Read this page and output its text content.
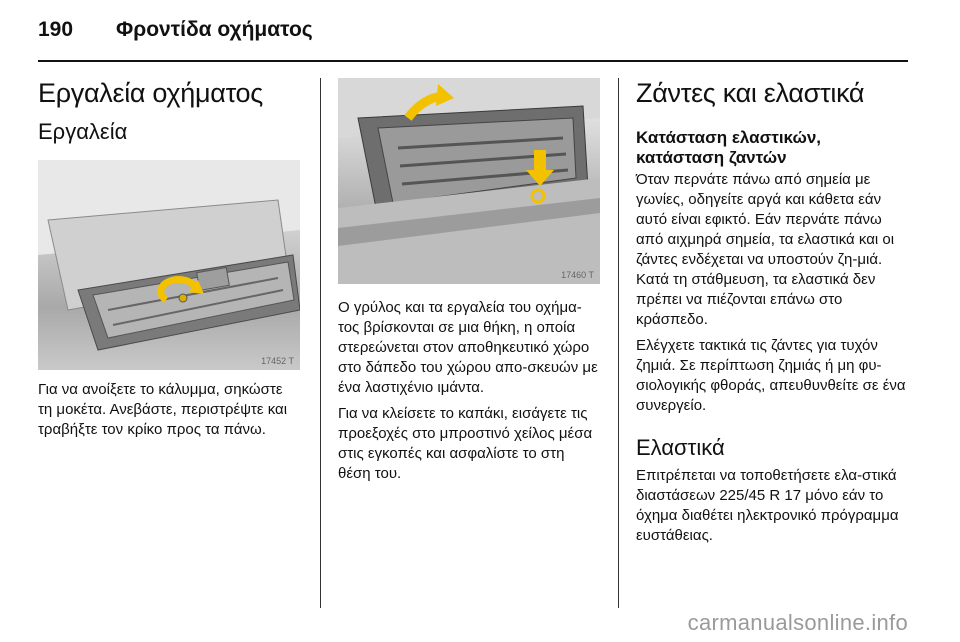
190 Φροντίδα οχήματος
Εργαλεία οχήματος
Εργαλεία
17452 T

Για να ανοίξετε το κάλυμμα, σηκώστε τη μοκέτα. Ανεβάστε, περιστρέψτε και τραβήξτε τον κρίκο προς τα πάνω.

17460 T

Ο γρύλος και τα εργαλεία του οχήμα-τος βρίσκονται σε μια θήκη, η οποία στερεώνεται στον αποθηκευτικό χώρο στο δάπεδο του χώρου απο-σκευών με ένα λαστιχένιο ιμάντα.

Για να κλείσετε το καπάκι, εισάγετε τις προεξοχές στο μπροστινό χείλος μέσα στις εγκοπές και ασφαλίστε το στη θέση του.

Ζάντες και ελαστικά
Κατάσταση ελαστικών, κατάσταση ζαντών

Όταν περνάτε πάνω από σημεία με γωνίες, οδηγείτε αργά και κάθετα εάν αυτό είναι εφικτό. Εάν περνάτε πάνω από αιχμηρά σημεία, τα ελαστικά και οι ζάντες ενδέχεται να υποστούν ζη-μιά. Κατά τη στάθμευση, τα ελαστικά δεν πρέπει να πιέζονται επάνω στο κράσπεδο.

Ελέγχετε τακτικά τις ζάντες για τυχόν ζημιά. Σε περίπτωση ζημιάς ή μη φυ-σιολογικής φθοράς, απευθυνθείτε σε ένα συνεργείο.

Ελαστικά

Επιτρέπεται να τοποθετήσετε ελα-στικά διαστάσεων 225/45 R 17 μόνο εάν το όχημα διαθέτει ηλεκτρονικό πρόγραμμα ευστάθειας.

carmanualsonline.info
